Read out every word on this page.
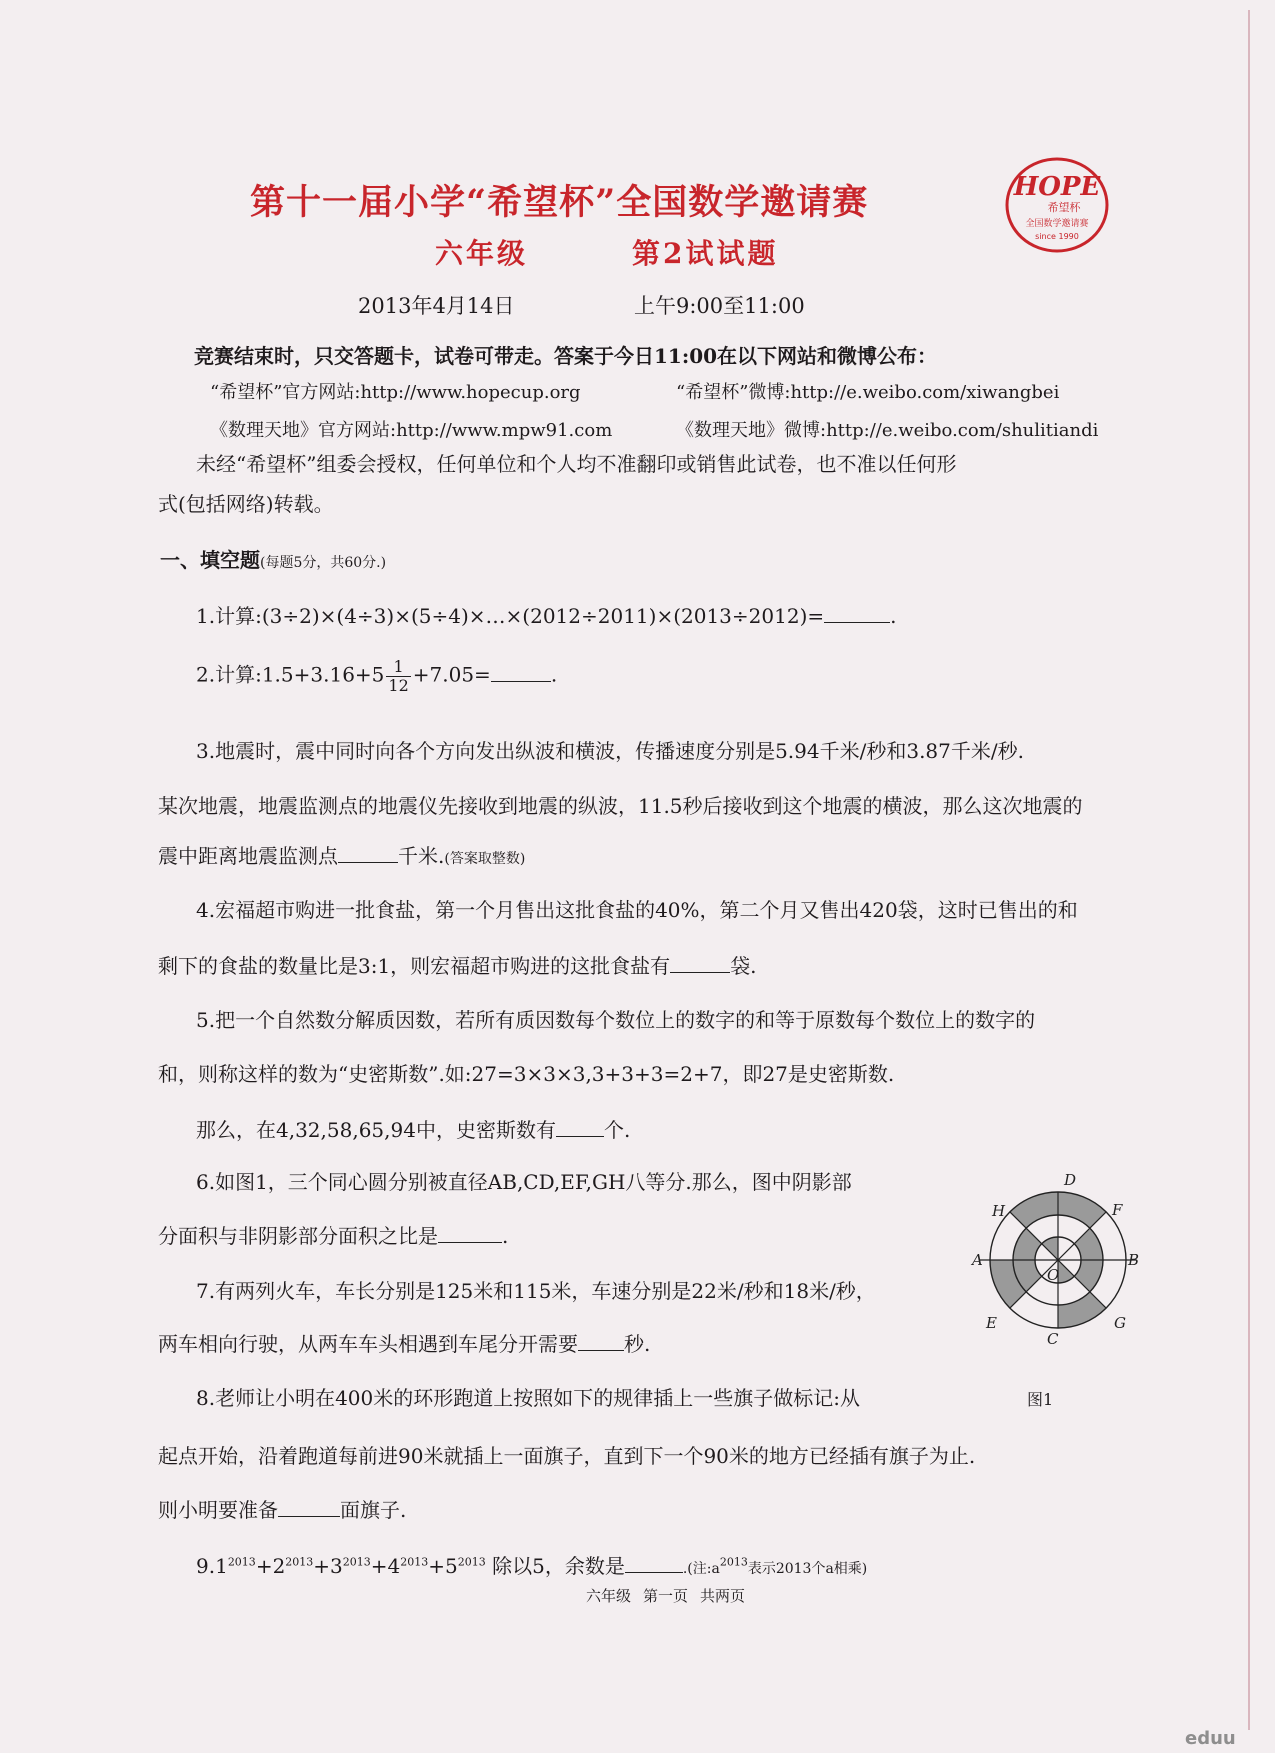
第十一届小学“希望杯”全国数学邀请赛
六年级	第2试试题
HOPE
希望杯
全国数学邀请赛
since 1990
2013年4月14日	上午9:00至11:00
竞赛结束时，只交答题卡，试卷可带走。答案于今日11:00在以下网站和微博公布：
“希望杯”官方网站:http://www.hopecup.org	“希望杯”微博:http://e.weibo.com/xiwangbei
《数理天地》官方网站:http://www.mpw91.com	《数理天地》微博:http://e.weibo.com/shulitiandi
未经“希望杯”组委会授权，任何单位和个人均不准翻印或销售此试卷，也不准以任何形
式(包括网络)转载。
一、填空题(每题5分，共60分.)
1.计算:(3÷2)×(4÷3)×(5÷4)×…×(2012÷2011)×(2013÷2012)=	.
2.计算:1.5+3.16+5 $\frac{1}{12} +7.05=$	.
3.地震时，震中同时向各个方向发出纵波和横波，传播速度分别是5.94千米/秒和3.87千米/秒.
某次地震，地震监测点的地震仪先接收到地震的纵波，11.5秒后接收到这个地震的横波，那么这次地震的
震中距离地震监测点	千米.(答案取整数)
4.宏福超市购进一批食盐，第一个月售出这批食盐的40%，第二个月又售出420袋，这时已售出的和
剩下的食盐的数量比是3:1，则宏福超市购进的这批食盐有	袋.
5.把一个自然数分解质因数，若所有质因数每个数位上的数字的和等于原数每个数位上的数字的
和，则称这样的数为“史密斯数”.如:27=3×3×3,3+3+3=2+7，即27是史密斯数.
那么，在4,32,58,65,94中，史密斯数有 个.
6.如图1，三个同心圆分别被直径AB,CD,EF,GH八等分.那么，图中阴影部
分面积与非阴影部分面积之比是	.
7.有两列火车，车长分别是125米和115米，车速分别是22米/秒和18米/秒，
两车相向行驶，从两车车头相遇到车尾分开需要 秒.
8.老师让小明在400米的环形跑道上按照如下的规律插上一些旗子做标记:从
起点开始，沿着跑道每前进90米就插上一面旗子，直到下一个90米的地方已经插有旗子为止.
则小明要准备	面旗子.
$9.1^{2013}+2^{2013}+3^{2013}+4^{2013}+5^{2013}$ 除以5，余数是	.(注$:a^{2013}$表示2013个a相乘)
D
F
H
A	B
O
E	G
C
图1
六年级 第一页 共两页
eduu
